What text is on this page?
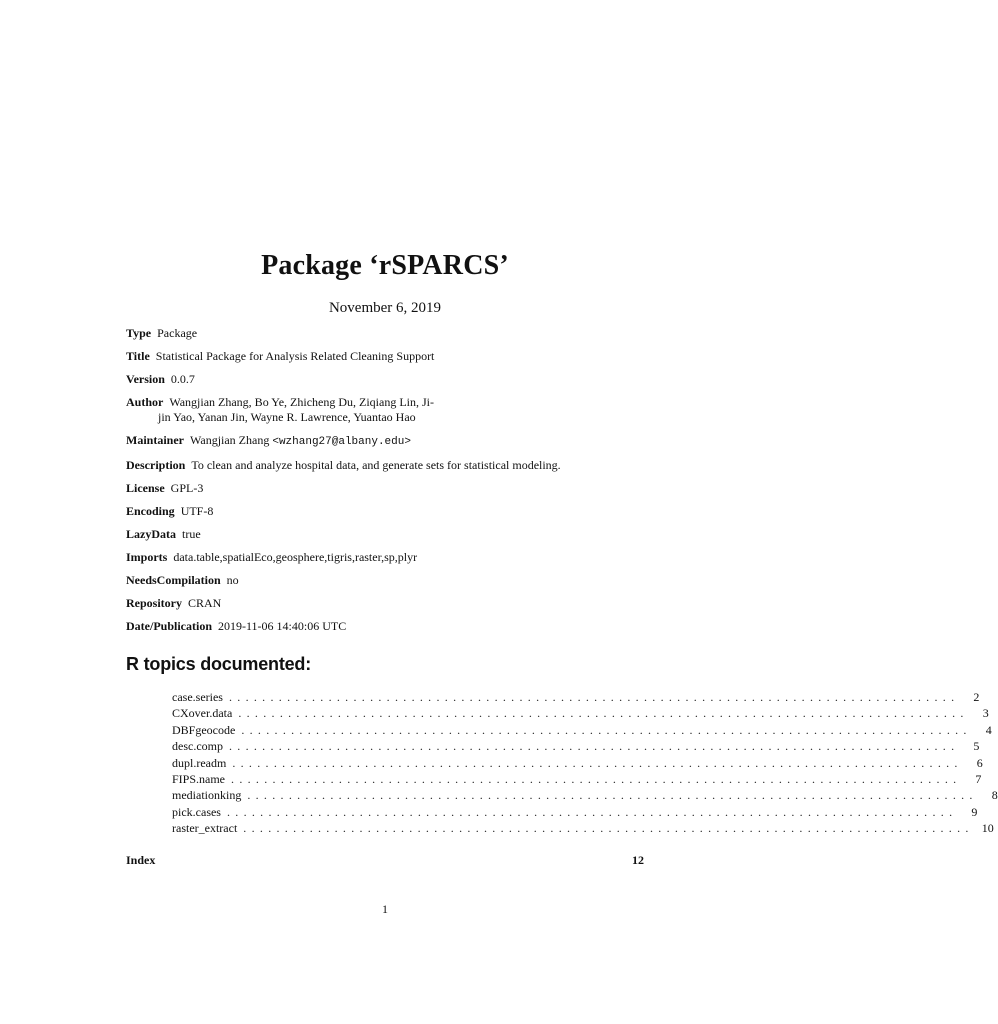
Package ‘rSPARCS’
November 6, 2019
Type Package
Title Statistical Package for Analysis Related Cleaning Support
Version 0.0.7
Author Wangjian Zhang, Bo Ye, Zhicheng Du, Ziqiang Lin, Ji-
jin Yao, Yanan Jin, Wayne R. Lawrence, Yuantao Hao
Maintainer Wangjian Zhang <wzhang27@albany.edu>
Description To clean and analyze hospital data, and generate sets for statistical modeling.
License GPL-3
Encoding UTF-8
LazyData true
Imports data.table,spatialEco,geosphere,tigris,raster,sp,plyr
NeedsCompilation no
Repository CRAN
Date/Publication 2019-11-06 14:40:06 UTC
R topics documented:
case.series ........................................................................................	2
CXover.data ........................................................................................	3
DBFgeocode ........................................................................................	4
desc.comp ........................................................................................	5
dupl.readm ........................................................................................	6
FIPS.name ........................................................................................	7
mediationking ........................................................................................	8
pick.cases ........................................................................................	9
raster_extract ........................................................................................ 10
Index	12
1
